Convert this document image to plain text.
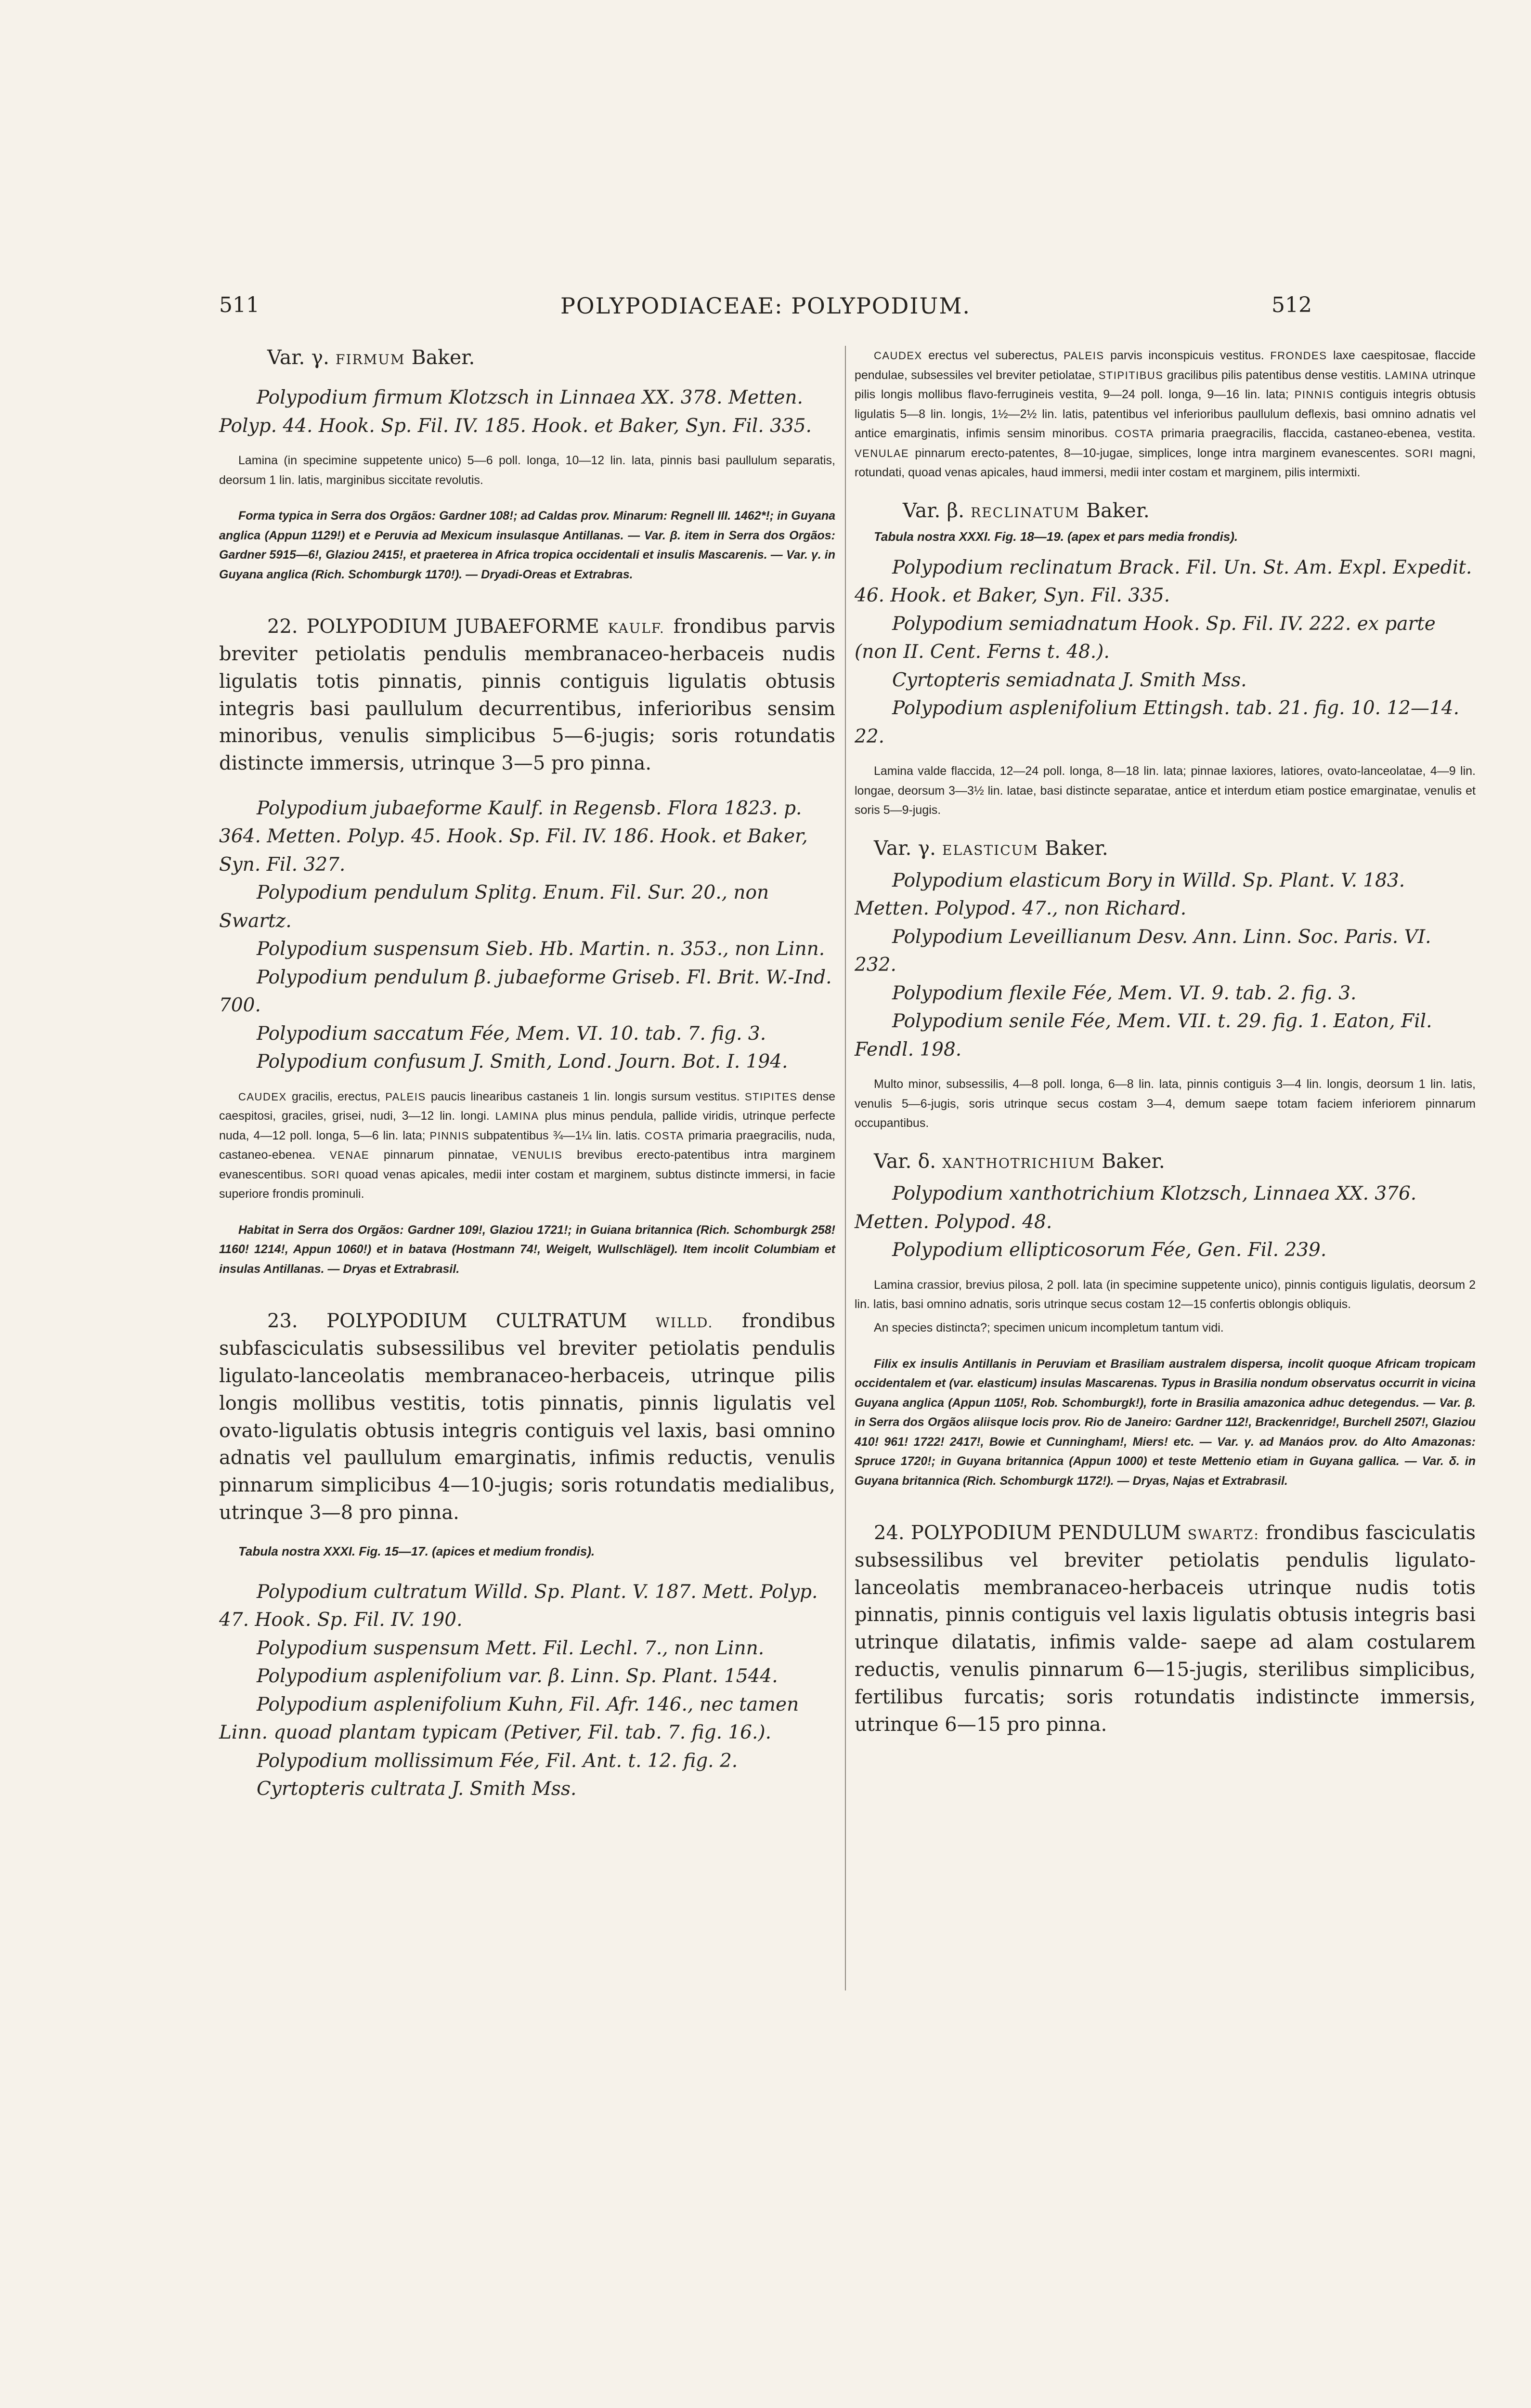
511	POLYPODIACEAE: POLYPODIUM.	512

Var. γ. FIRMUM Baker.

Polypodium firmum Klotzsch in Linnaea XX. 378. Metten. Polyp. 44. Hook. Sp. Fil. IV. 185. Hook. et Baker, Syn. Fil. 335.

Lamina (in specimine suppetente unico) 5—6 poll. longa, 10—12 lin. lata, pinnis basi paullulum separatis, deorsum 1 lin. latis, marginibus siccitate revolutis.

Forma typica in Serra dos Orgãos: Gardner 108!; ad Caldas prov. Minarum: Regnell III. 1462*!; in Guyana anglica (Appun 1129!) et e Peruvia ad Mexicum insulasque Antillanas. — Var. β. item in Serra dos Orgãos: Gardner 5915—6!, Glaziou 2415!, et praeterea in Africa tropica occidentali et insulis Mascarenis. — Var. γ. in Guyana anglica (Rich. Schomburgk 1170!). — Dryadi-Oreas et Extrabras.

22. POLYPODIUM JUBAEFORME KAULF. frondibus parvis breviter petiolatis pendulis membranaceo-herbaceis nudis ligulatis totis pinnatis, pinnis contiguis ligulatis obtusis integris basi paullulum decurrentibus, inferioribus sensim minoribus, venulis simplicibus 5—6-jugis; soris rotundatis distincte immersis, utrinque 3—5 pro pinna.

Polypodium jubaeforme Kaulf. in Regensb. Flora 1823. p. 364. Metten. Polyp. 45. Hook. Sp. Fil. IV. 186. Hook. et Baker, Syn. Fil. 327.

Polypodium pendulum Splitg. Enum. Fil. Sur. 20., non Swartz.

Polypodium suspensum Sieb. Hb. Martin. n. 353., non Linn.

Polypodium pendulum β. jubaeforme Griseb. Fl. Brit. W.-Ind. 700.

Polypodium saccatum Fée, Mem. VI. 10. tab. 7. fig. 3.

Polypodium confusum J. Smith, Lond. Journ. Bot. I. 194.

CAUDEX gracilis, erectus, PALEIS paucis linearibus castaneis 1 lin. longis sursum vestitus. STIPITES dense caespitosi, graciles, grisei, nudi, 3—12 lin. longi. LAMINA plus minus pendula, pallide viridis, utrinque perfecte nuda, 4—12 poll. longa, 5—6 lin. lata; PINNIS subpatentibus ¾—1¼ lin. latis. COSTA primaria praegracilis, nuda, castaneo-ebenea. VENAE pinnarum pinnatae, VENULIS brevibus erecto-patentibus intra marginem evanescentibus. SORI quoad venas apicales, medii inter costam et marginem, subtus distincte immersi, in facie superiore frondis prominuli.

Habitat in Serra dos Orgãos: Gardner 109!, Glaziou 1721!; in Guiana britannica (Rich. Schomburgk 258! 1160! 1214!, Appun 1060!) et in batava (Hostmann 74!, Weigelt, Wullschlägel). Item incolit Columbiam et insulas Antillanas. — Dryas et Extrabrasil.

23. POLYPODIUM CULTRATUM WILLD. frondibus subfasciculatis subsessilibus vel breviter petiolatis pendulis ligulato-lanceolatis membranaceo-herbaceis, utrinque pilis longis mollibus vestitis, totis pinnatis, pinnis ligulatis vel ovato-ligulatis obtusis integris contiguis vel laxis, basi omnino adnatis vel paullulum emarginatis, infimis reductis, venulis pinnarum simplicibus 4—10-jugis; soris rotundatis medialibus, utrinque 3—8 pro pinna.

Tabula nostra XXXI. Fig. 15—17. (apices et medium frondis).

Polypodium cultratum Willd. Sp. Plant. V. 187. Mett. Polyp. 47. Hook. Sp. Fil. IV. 190.

Polypodium suspensum Mett. Fil. Lechl. 7., non Linn.

Polypodium asplenifolium var. β. Linn. Sp. Plant. 1544.

Polypodium asplenifolium Kuhn, Fil. Afr. 146., nec tamen Linn. quoad plantam typicam (Petiver, Fil. tab. 7. fig. 16.).

Polypodium mollissimum Fée, Fil. Ant. t. 12. fig. 2.

Cyrtopteris cultrata J. Smith Mss.

CAUDEX erectus vel suberectus, PALEIS parvis inconspicuis vestitus. FRONDES laxe caespitosae, flaccide pendulae, subsessiles vel breviter petiolatae, STIPITIBUS gracilibus pilis patentibus dense vestitis. LAMINA utrinque pilis longis mollibus flavo-ferrugineis vestita, 9—24 poll. longa, 9—16 lin. lata; PINNIS contiguis integris obtusis ligulatis 5—8 lin. longis, 1½—2½ lin. latis, patentibus vel inferioribus paullulum deflexis, basi omnino adnatis vel antice emarginatis, infimis sensim minoribus. COSTA primaria praegracilis, flaccida, castaneo-ebenea, vestita. VENULAE pinnarum erecto-patentes, 8—10-jugae, simplices, longe intra marginem evanescentes. SORI magni, rotundati, quoad venas apicales, haud immersi, medii inter costam et marginem, pilis intermixti.

Var. β. RECLINATUM Baker.

Tabula nostra XXXI. Fig. 18—19. (apex et pars media frondis).

Polypodium reclinatum Brack. Fil. Un. St. Am. Expl. Expedit. 46. Hook. et Baker, Syn. Fil. 335.

Polypodium semiadnatum Hook. Sp. Fil. IV. 222. ex parte (non II. Cent. Ferns t. 48.).

Cyrtopteris semiadnata J. Smith Mss.

Polypodium asplenifolium Ettingsh. tab. 21. fig. 10. 12—14. 22.

Lamina valde flaccida, 12—24 poll. longa, 8—18 lin. lata; pinnae laxiores, latiores, ovato-lanceolatae, 4—9 lin. longae, deorsum 3—3½ lin. latae, basi distincte separatae, antice et interdum etiam postice emarginatae, venulis et soris 5—9-jugis.

Var. γ. ELASTICUM Baker.

Polypodium elasticum Bory in Willd. Sp. Plant. V. 183. Metten. Polypod. 47., non Richard.

Polypodium Leveillianum Desv. Ann. Linn. Soc. Paris. VI. 232.

Polypodium flexile Fée, Mem. VI. 9. tab. 2. fig. 3.

Polypodium senile Fée, Mem. VII. t. 29. fig. 1. Eaton, Fil. Fendl. 198.

Multo minor, subsessilis, 4—8 poll. longa, 6—8 lin. lata, pinnis contiguis 3—4 lin. longis, deorsum 1 lin. latis, venulis 5—6-jugis, soris utrinque secus costam 3—4, demum saepe totam faciem inferiorem pinnarum occupantibus.

Var. δ. XANTHOTRICHIUM Baker.

Polypodium xanthotrichium Klotzsch, Linnaea XX. 376. Metten. Polypod. 48.

Polypodium ellipticosorum Fée, Gen. Fil. 239.

Lamina crassior, brevius pilosa, 2 poll. lata (in specimine suppetente unico), pinnis contiguis ligulatis, deorsum 2 lin. latis, basi omnino adnatis, soris utrinque secus costam 12—15 confertis oblongis obliquis.

An species distincta?; specimen unicum incompletum tantum vidi.

Filix ex insulis Antillanis in Peruviam et Brasiliam australem dispersa, incolit quoque Africam tropicam occidentalem et (var. elasticum) insulas Mascarenas. Typus in Brasilia nondum observatus occurrit in vicina Guyana anglica (Appun 1105!, Rob. Schomburgk!), forte in Brasilia amazonica adhuc detegendus. — Var. β. in Serra dos Orgãos aliisque locis prov. Rio de Janeiro: Gardner 112!, Brackenridge!, Burchell 2507!, Glaziou 410! 961! 1722! 2417!, Bowie et Cunningham!, Miers! etc. — Var. γ. ad Manáos prov. do Alto Amazonas: Spruce 1720!; in Guyana britannica (Appun 1000) et teste Mettenio etiam in Guyana gallica. — Var. δ. in Guyana britannica (Rich. Schomburgk 1172!). — Dryas, Najas et Extrabrasil.

24. POLYPODIUM PENDULUM SWARTZ: frondibus fasciculatis subsessilibus vel breviter petiolatis pendulis ligulato-lanceolatis membranaceo-herbaceis utrinque nudis totis pinnatis, pinnis contiguis vel laxis ligulatis obtusis integris basi utrinque dilatatis, infimis valde- saepe ad alam costularem reductis, venulis pinnarum 6—15-jugis, sterilibus simplicibus, fertilibus furcatis; soris rotundatis indistincte immersis, utrinque 6—15 pro pinna.
